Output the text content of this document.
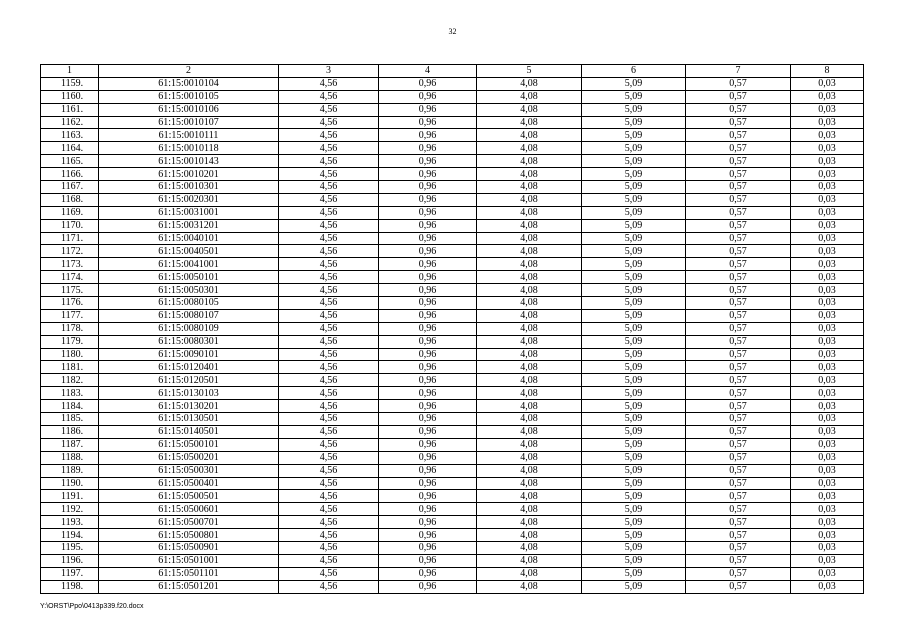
32
1	2	3	4	5	6	7	8
1159.	61:15:0010104	4,56	0,96	4,08	5,09	0,57	0,03
1160.	61:15:0010105	4,56	0,96	4,08	5,09	0,57	0,03
1161.	61:15:0010106	4,56	0,96	4,08	5,09	0,57	0,03
1162.	61:15:0010107	4,56	0,96	4,08	5,09	0,57	0,03
1163.	61:15:0010111	4,56	0,96	4,08	5,09	0,57	0,03
1164.	61:15:0010118	4,56	0,96	4,08	5,09	0,57	0,03
1165.	61:15:0010143	4,56	0,96	4,08	5,09	0,57	0,03
1166.	61:15:0010201	4,56	0,96	4,08	5,09	0,57	0,03
1167.	61:15:0010301	4,56	0,96	4,08	5,09	0,57	0,03
1168.	61:15:0020301	4,56	0,96	4,08	5,09	0,57	0,03
1169.	61:15:0031001	4,56	0,96	4,08	5,09	0,57	0,03
1170.	61:15:0031201	4,56	0,96	4,08	5,09	0,57	0,03
1171.	61:15:0040101	4,56	0,96	4,08	5,09	0,57	0,03
1172.	61:15:0040501	4,56	0,96	4,08	5,09	0,57	0,03
1173.	61:15:0041001	4,56	0,96	4,08	5,09	0,57	0,03
1174.	61:15:0050101	4,56	0,96	4,08	5,09	0,57	0,03
1175.	61:15:0050301	4,56	0,96	4,08	5,09	0,57	0,03
1176.	61:15:0080105	4,56	0,96	4,08	5,09	0,57	0,03
1177.	61:15:0080107	4,56	0,96	4,08	5,09	0,57	0,03
1178.	61:15:0080109	4,56	0,96	4,08	5,09	0,57	0,03
1179.	61:15:0080301	4,56	0,96	4,08	5,09	0,57	0,03
1180.	61:15:0090101	4,56	0,96	4,08	5,09	0,57	0,03
1181.	61:15:0120401	4,56	0,96	4,08	5,09	0,57	0,03
1182.	61:15:0120501	4,56	0,96	4,08	5,09	0,57	0,03
1183.	61:15:0130103	4,56	0,96	4,08	5,09	0,57	0,03
1184.	61:15:0130201	4,56	0,96	4,08	5,09	0,57	0,03
1185.	61:15:0130501	4,56	0,96	4,08	5,09	0,57	0,03
1186.	61:15:0140501	4,56	0,96	4,08	5,09	0,57	0,03
1187.	61:15:0500101	4,56	0,96	4,08	5,09	0,57	0,03
1188.	61:15:0500201	4,56	0,96	4,08	5,09	0,57	0,03
1189.	61:15:0500301	4,56	0,96	4,08	5,09	0,57	0,03
1190.	61:15:0500401	4,56	0,96	4,08	5,09	0,57	0,03
1191.	61:15:0500501	4,56	0,96	4,08	5,09	0,57	0,03
1192.	61:15:0500601	4,56	0,96	4,08	5,09	0,57	0,03
1193.	61:15:0500701	4,56	0,96	4,08	5,09	0,57	0,03
1194.	61:15:0500801	4,56	0,96	4,08	5,09	0,57	0,03
1195.	61:15:0500901	4,56	0,96	4,08	5,09	0,57	0,03
1196.	61:15:0501001	4,56	0,96	4,08	5,09	0,57	0,03
1197.	61:15:0501101	4,56	0,96	4,08	5,09	0,57	0,03
1198.	61:15:0501201	4,56	0,96	4,08	5,09	0,57	0,03
Y:\ORST\Ppo\0413p339.f20.docx
